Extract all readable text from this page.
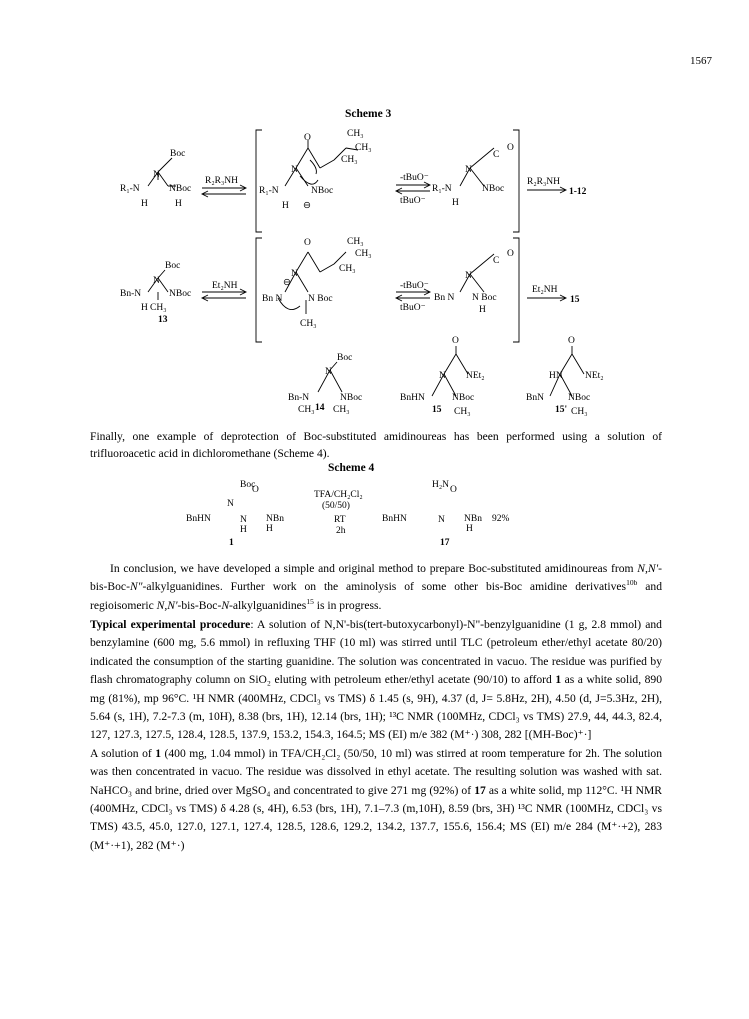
1567
Scheme 3
Boc
N
R₁-N
H	H
NBoc
R₂R₃NH
CH₃
CH₃
CH₃
O
N
R₁-N
H ⊖
NBoc
-tBuO⁻
tBuO⁻
O
C
N
R₁-N
H
NBoc
R₂R₃NH
1-12
Boc
N
Bn-N
H CH₃
NBoc
13
Et₂NH
CH₃
CH₃
CH₃
O
N
Bn N
⊖
N Boc
CH₃
-tBuO⁻
tBuO⁻
O
C
N
Bn N
H
N Boc
Et₂NH
15
Boc
N
Bn-N	NBoc
CH₃ 14 CH₃
O
NEt₂
N
BnHN	NBoc
15 CH₃
O
HN NEt₂
BnN	NBoc
15' CH₃

Finally, one example of deprotection of Boc-substituted amidinoureas has been performed using a solution of trifluoroacetic acid in dichloromethane (Scheme 4).

Scheme 4
Boc
N
O
BnHN	N
H
NBn
H
1
TFA/CH₂Cl₂
(50/50)
RT
2h
H₂N O
BnHN	N NBn
H
92%
17

In conclusion, we have developed a simple and original method to prepare Boc-substituted amidinoureas from N,N'-bis-Boc-N"-alkylguanidines. Further work on the aminolysis of some other bis-Boc amidine derivatives$^{10b}$ and regioisomeric N,N'-bis-Boc-N-alkylguanidines$^{15}$ is in progress.

Typical experimental procedure: A solution of N,N'-bis(tert-butoxycarbonyl)-N"-benzylguanidine (1 g, 2.8 mmol) and benzylamine (600 mg, 5.6 mmol) in refluxing THF (10 ml) was stirred until TLC (petroleum ether/ethyl acetate 80/20) indicated the consumption of the starting guanidine. The solution was concentrated in vacuo. The residue was purified by flash chromatography column on SiO₂ eluting with petroleum ether/ethyl acetate (90/10) to afford 1 as a white solid, 890 mg (81%), mp 96°C. ¹H NMR (400MHz, CDCl₃ vs TMS) δ 1.45 (s, 9H), 4.37 (d, J= 5.8Hz, 2H), 4.50 (d, J=5.3Hz, 2H), 5.64 (s, 1H), 7.2-7.3 (m, 10H), 8.38 (brs, 1H), 12.14 (brs, 1H); ¹³C NMR (100MHz, CDCl₃ vs TMS) 27.9, 44, 44.3, 82.4, 127, 127.3, 127.5, 128.4, 128.5, 137.9, 153.2, 154.3, 164.5; MS (EI) m/e 382 (M⁺·) 308, 282 [(MH-Boc)⁺·]

A solution of 1 (400 mg, 1.04 mmol) in TFA/CH₂Cl₂ (50/50, 10 ml) was stirred at room temperature for 2h. The solution was then concentrated in vacuo. The residue was dissolved in ethyl acetate. The resulting solution was washed with sat. NaHCO₃ and brine, dried over MgSO₄ and concentrated to give 271 mg (92%) of 17 as a white solid, mp 112°C. ¹H NMR (400MHz, CDCl₃ vs TMS) δ 4.28 (s, 4H), 6.53 (brs, 1H), 7.1–7.3 (m,10H), 8.59 (brs, 3H) ¹³C NMR (100MHz, CDCl₃ vs TMS) 43.5, 45.0, 127.0, 127.1, 127.4, 128.5, 128.6, 129.2, 134.2, 137.7, 155.6, 156.4; MS (EI) m/e 284 (M⁺·+2), 283 (M⁺·+1), 282 (M⁺·)
